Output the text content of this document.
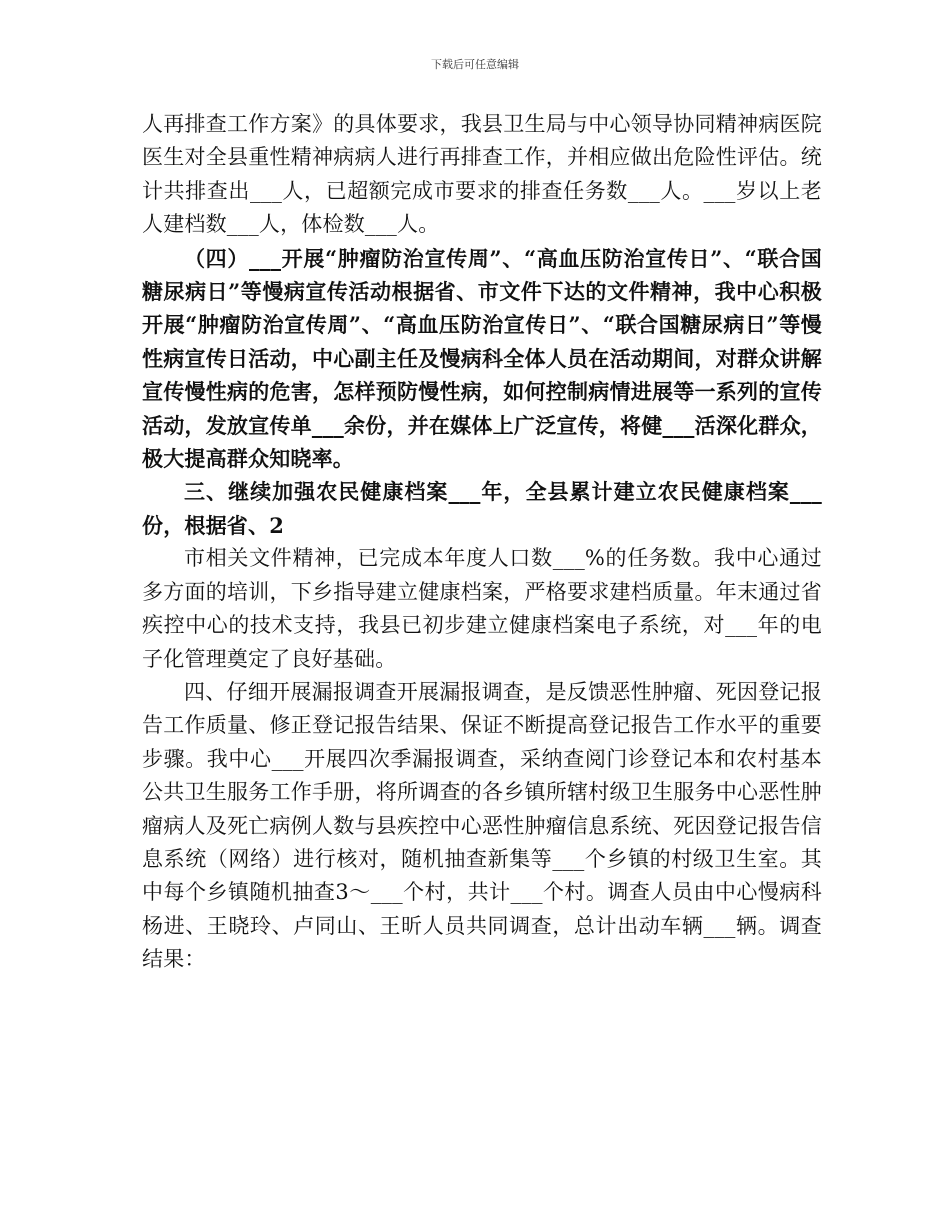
下载后可任意编辑

人再排查工作方案》的具体要求，我县卫生局与中心领导协同精神病医院医生对全县重性精神病病人进行再排查工作，并相应做出危险性评估。统计共排查出___人，已超额完成市要求的排查任务数___人。___岁以上老人建档数___人，体检数___人。

（四）___开展“肿瘤防治宣传周”、“高血压防治宣传日”、“联合国糖尿病日”等慢病宣传活动根据省、市文件下达的文件精神，我中心积极开展“肿瘤防治宣传周”、“高血压防治宣传日”、“联合国糖尿病日”等慢性病宣传日活动，中心副主任及慢病科全体人员在活动期间，对群众讲解宣传慢性病的危害，怎样预防慢性病，如何控制病情进展等一系列的宣传活动，发放宣传单___余份，并在媒体上广泛宣传，将健___活深化群众，极大提高群众知晓率。

三、继续加强农民健康档案___年，全县累计建立农民健康档案___份，根据省、2

市相关文件精神，已完成本年度人口数___%的任务数。我中心通过多方面的培训，下乡指导建立健康档案，严格要求建档质量。年末通过省疾控中心的技术支持，我县已初步建立健康档案电子系统，对___年的电子化管理奠定了良好基础。

四、仔细开展漏报调查开展漏报调查，是反馈恶性肿瘤、死因登记报告工作质量、修正登记报告结果、保证不断提高登记报告工作水平的重要步骤。我中心___开展四次季漏报调查，采纳查阅门诊登记本和农村基本公共卫生服务工作手册，将所调查的各乡镇所辖村级卫生服务中心恶性肿瘤病人及死亡病例人数与县疾控中心恶性肿瘤信息系统、死因登记报告信息系统（网络）进行核对，随机抽查新集等___个乡镇的村级卫生室。其中每个乡镇随机抽查3～___个村，共计___个村。调查人员由中心慢病科杨进、王晓玲、卢同山、王昕人员共同调查，总计出动车辆___辆。调查结果：
